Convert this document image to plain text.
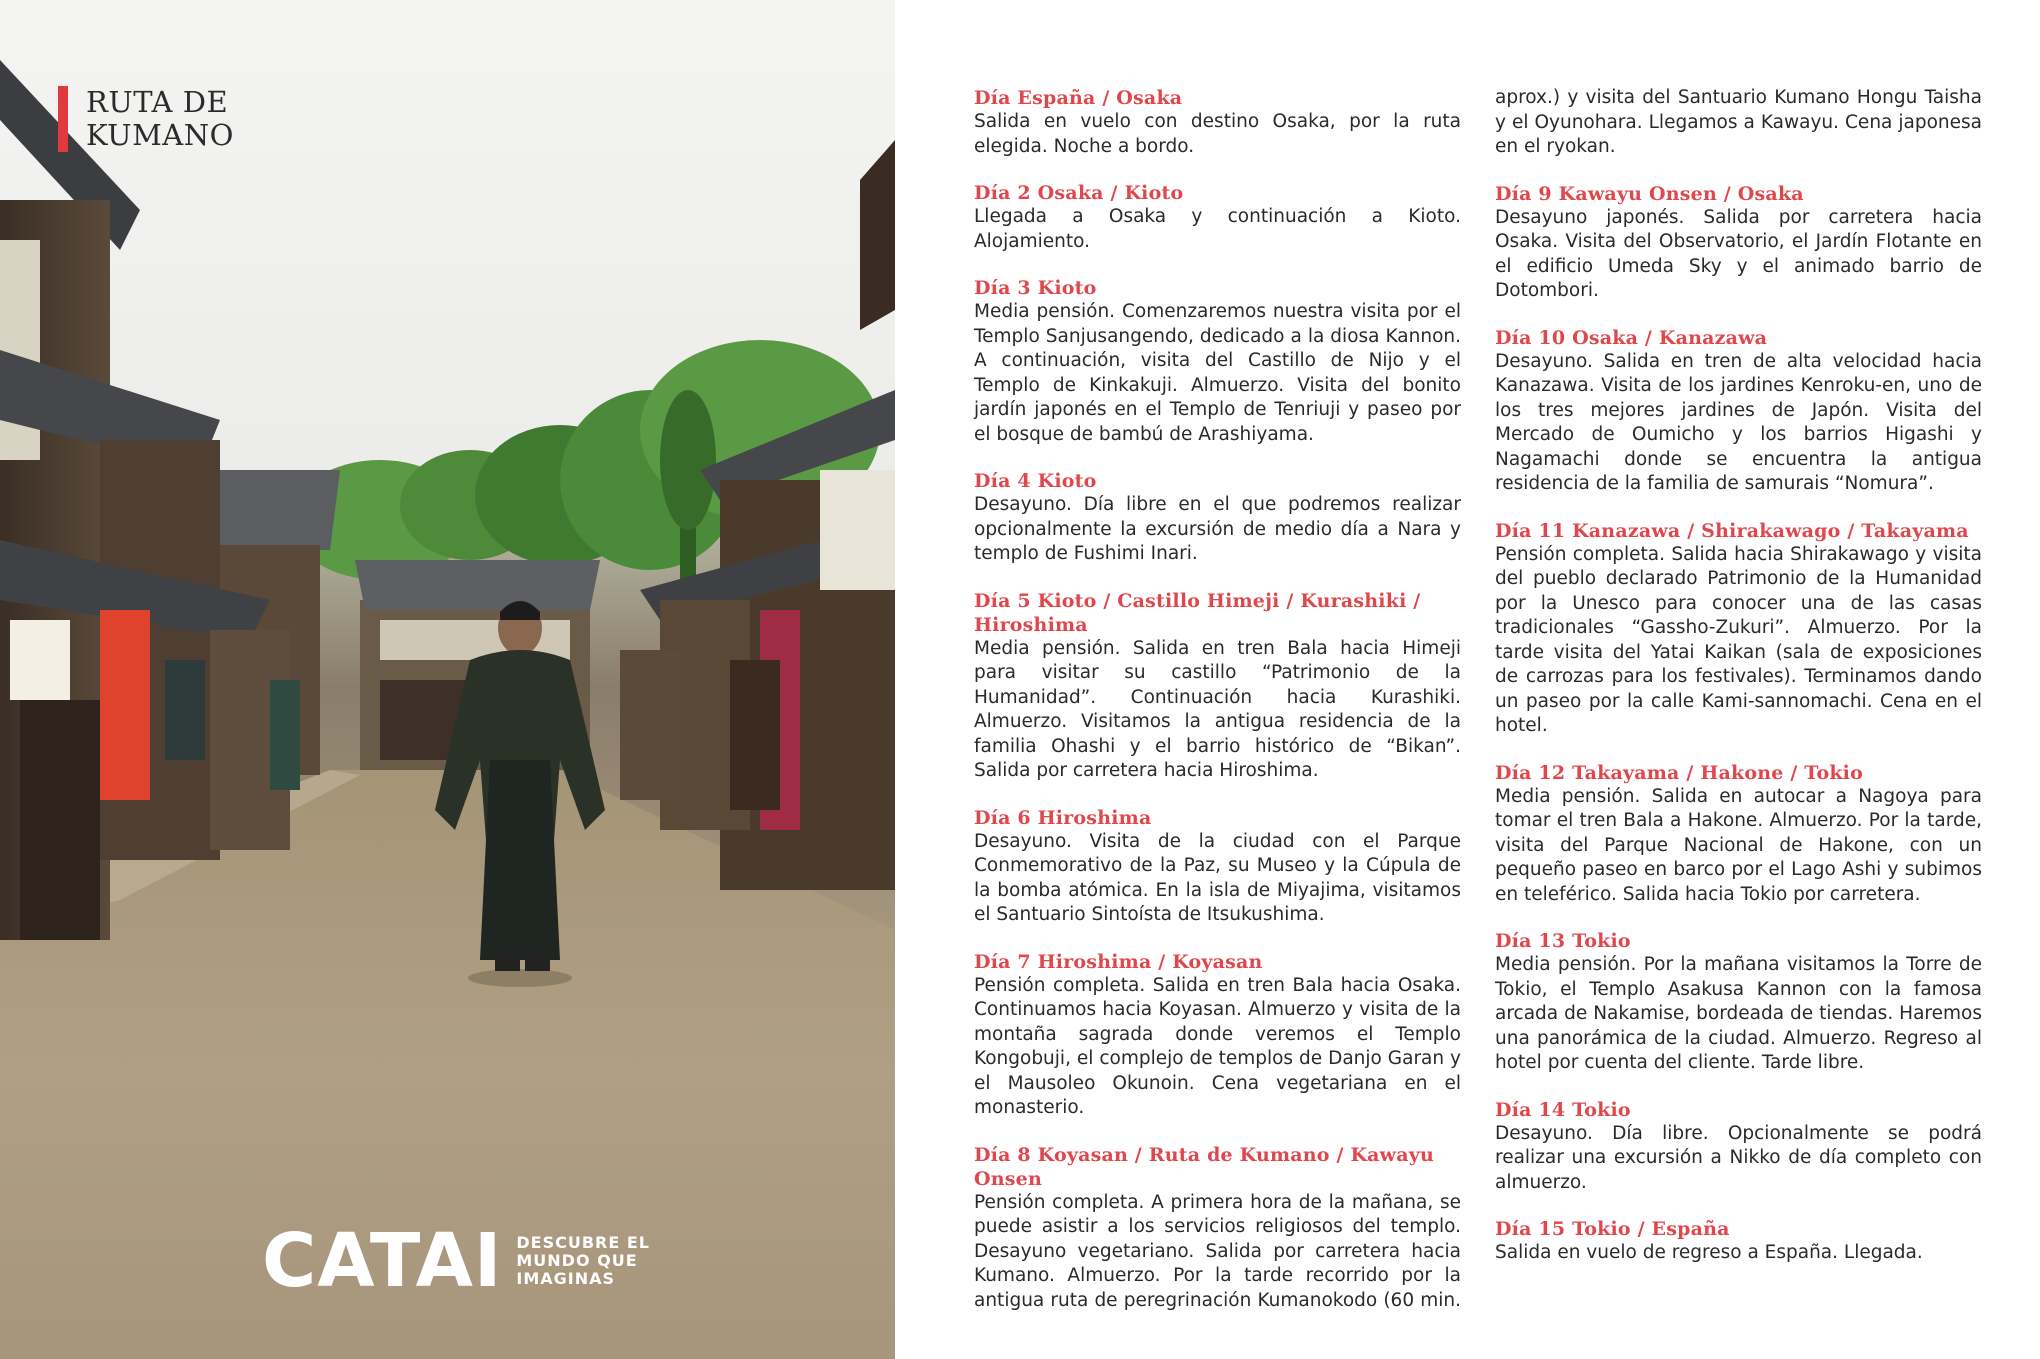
RUTA DE
KUMANO
CATAI DESCUBRE EL
MUNDO QUE
IMAGINAS
Día España / Osaka
Salida en vuelo con destino Osaka, por la ruta elegida. Noche a bordo.
Día 2 Osaka / Kioto
Llegada a Osaka y continuación a Kioto. Alojamiento.
Día 3 Kioto
Media pensión. Comenzaremos nuestra visita por el Templo Sanjusangendo, dedicado a la diosa Kannon. A continuación, visita del Castillo de Nijo y el Templo de Kinkakuji. Almuerzo. Visita del bonito jardín japonés en el Templo de Tenriuji y paseo por el bosque de bambú de Arashiyama.
Día 4 Kioto
Desayuno. Día libre en el que podremos realizar opcionalmente la excursión de medio día a Nara y templo de Fushimi Inari.
Día 5 Kioto / Castillo Himeji / Kurashiki / Hiroshima
Media pensión. Salida en tren Bala hacia Himeji para visitar su castillo “Patrimonio de la Humanidad”. Continuación hacia Kurashiki. Almuerzo. Visitamos la antigua residencia de la familia Ohashi y el barrio histórico de “Bikan”. Salida por carretera hacia Hiroshima.
Día 6 Hiroshima
Desayuno. Visita de la ciudad con el Parque Conmemorativo de la Paz, su Museo y la Cúpula de la bomba atómica. En la isla de Miyajima, visitamos el Santuario Sintoísta de Itsukushima.
Día 7 Hiroshima / Koyasan
Pensión completa. Salida en tren Bala hacia Osaka. Continuamos hacia Koyasan. Almuerzo y visita de la montaña sagrada donde veremos el Templo Kongobuji, el complejo de templos de Danjo Garan y el Mausoleo Okunoin. Cena vegetariana en el monasterio.
Día 8 Koyasan / Ruta de Kumano / Kawayu Onsen
Pensión completa. A primera hora de la mañana, se puede asistir a los servicios religiosos del templo. Desayuno vegetariano. Salida por carretera hacia Kumano. Almuerzo. Por la tarde recorrido por la antigua ruta de peregrinación Kumanokodo (60 min. aprox.) y visita del Santuario Kumano Hongu Taisha y el Oyunohara. Llegamos a Kawayu. Cena japonesa en el ryokan.
Día 9 Kawayu Onsen / Osaka
Desayuno japonés. Salida por carretera hacia Osaka. Visita del Observatorio, el Jardín Flotante en el edificio Umeda Sky y el animado barrio de Dotombori.
Día 10 Osaka / Kanazawa
Desayuno. Salida en tren de alta velocidad hacia Kanazawa. Visita de los jardines Kenroku-en, uno de los tres mejores jardines de Japón. Visita del Mercado de Oumicho y los barrios Higashi y Nagamachi donde se encuentra la antigua residencia de la familia de samurais “Nomura”.
Día 11 Kanazawa / Shirakawago / Takayama
Pensión completa. Salida hacia Shirakawago y visita del pueblo declarado Patrimonio de la Humanidad por la Unesco para conocer una de las casas tradicionales “Gassho-Zukuri”. Almuerzo. Por la tarde visita del Yatai Kaikan (sala de exposiciones de carrozas para los festivales). Terminamos dando un paseo por la calle Kami-sannomachi. Cena en el hotel.
Día 12 Takayama / Hakone / Tokio
Media pensión. Salida en autocar a Nagoya para tomar el tren Bala a Hakone. Almuerzo. Por la tarde, visita del Parque Nacional de Hakone, con un pequeño paseo en barco por el Lago Ashi y subimos en teleférico. Salida hacia Tokio por carretera.
Día 13 Tokio
Media pensión. Por la mañana visitamos la Torre de Tokio, el Templo Asakusa Kannon con la famosa arcada de Nakamise, bordeada de tiendas. Haremos una panorámica de la ciudad. Almuerzo. Regreso al hotel por cuenta del cliente. Tarde libre.
Día 14 Tokio
Desayuno. Día libre. Opcionalmente se podrá realizar una excursión a Nikko de día completo con almuerzo.
Día 15 Tokio / España
Salida en vuelo de regreso a España. Llegada.
